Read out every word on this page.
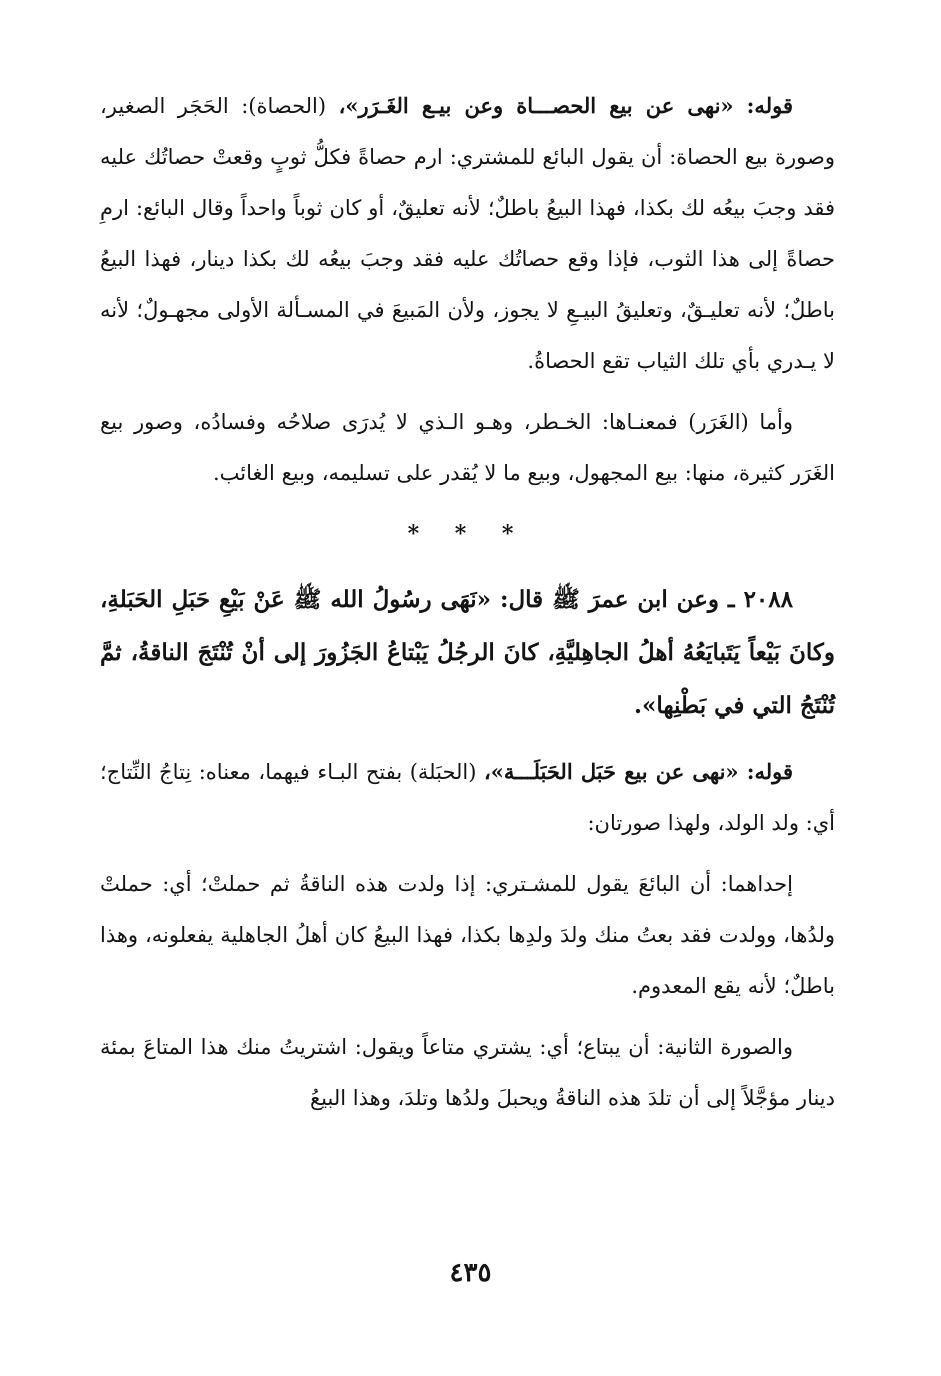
قوله: «نهى عن بيع الحصـــاة وعن بيـع الغَـرَر»، (الحصاة): الحَجَر الصغير، وصورة بيع الحصاة: أن يقول البائع للمشتري: ارم حصاةً فكلُّ ثوبٍ وقعتْ حصاتُك عليه فقد وجبَ بيعُه لك بكذا، فهذا البيعُ باطلٌ؛ لأنه تعليقٌ، أو كان ثوباً واحداً وقال البائع: ارمِ حصاةً إلى هذا الثوب، فإذا وقع حصاتُك عليه فقد وجبَ بيعُه لك بكذا دينار، فهذا البيعُ باطلٌ؛ لأنه تعليـقٌ، وتعليقُ البيـعِ لا يجوز، ولأن المَبيعَ في المسـألة الأولى مجهـولٌ؛ لأنه لا يـدري بأي تلك الثياب تقع الحصاةُ.

وأما (الغَرَر) فمعنـاها: الخـطر، وهـو الـذي لا يُدرَى صلاحُه وفسادُه، وصور بيع الغَرَر كثيرة، منها: بيع المجهول، وبيع ما لا يُقدر على تسليمه، وبيع الغائب.

* * *

٢٠٨٨ ـ وعن ابن عمرَ ﷺ قال: «نَهَى رسُولُ الله ﷺ عَنْ بَيْعِ حَبَلِ الحَبَلةِ، وكانَ بَيْعاً يَتَبايَعُهُ أهلُ الجاهِليَّةِ، كانَ الرجُلُ يَبْتاعُ الجَزُورَ إلى أنْ تُنْتَجَ الناقةُ، ثمَّ تُنْتَجُ التي في بَطْنِها».

قوله: «نهى عن بيع حَبَل الحَبَلَـــة»، (الحبَلة) بفتح البـاء فيهما، معناه: نِتاجُ النِّتاج؛ أي: ولد الولد، ولهذا صورتان:

إحداهما: أن البائعَ يقول للمشـتري: إذا ولدت هذه الناقةُ ثم حملتْ؛ أي: حملتْ ولدُها، وولدت فقد بعتُ منك ولدَ ولدِها بكذا، فهذا البيعُ كان أهلُ الجاهلية يفعلونه، وهذا باطلٌ؛ لأنه يقع المعدوم.

والصورة الثانية: أن يبتاع؛ أي: يشتري متاعاً ويقول: اشتريتُ منك هذا المتاعَ بمئة دينار مؤجَّلاً إلى أن تلدَ هذه الناقةُ ويحبلَ ولدُها وتلدَ، وهذا البيعُ

٤٣٥
